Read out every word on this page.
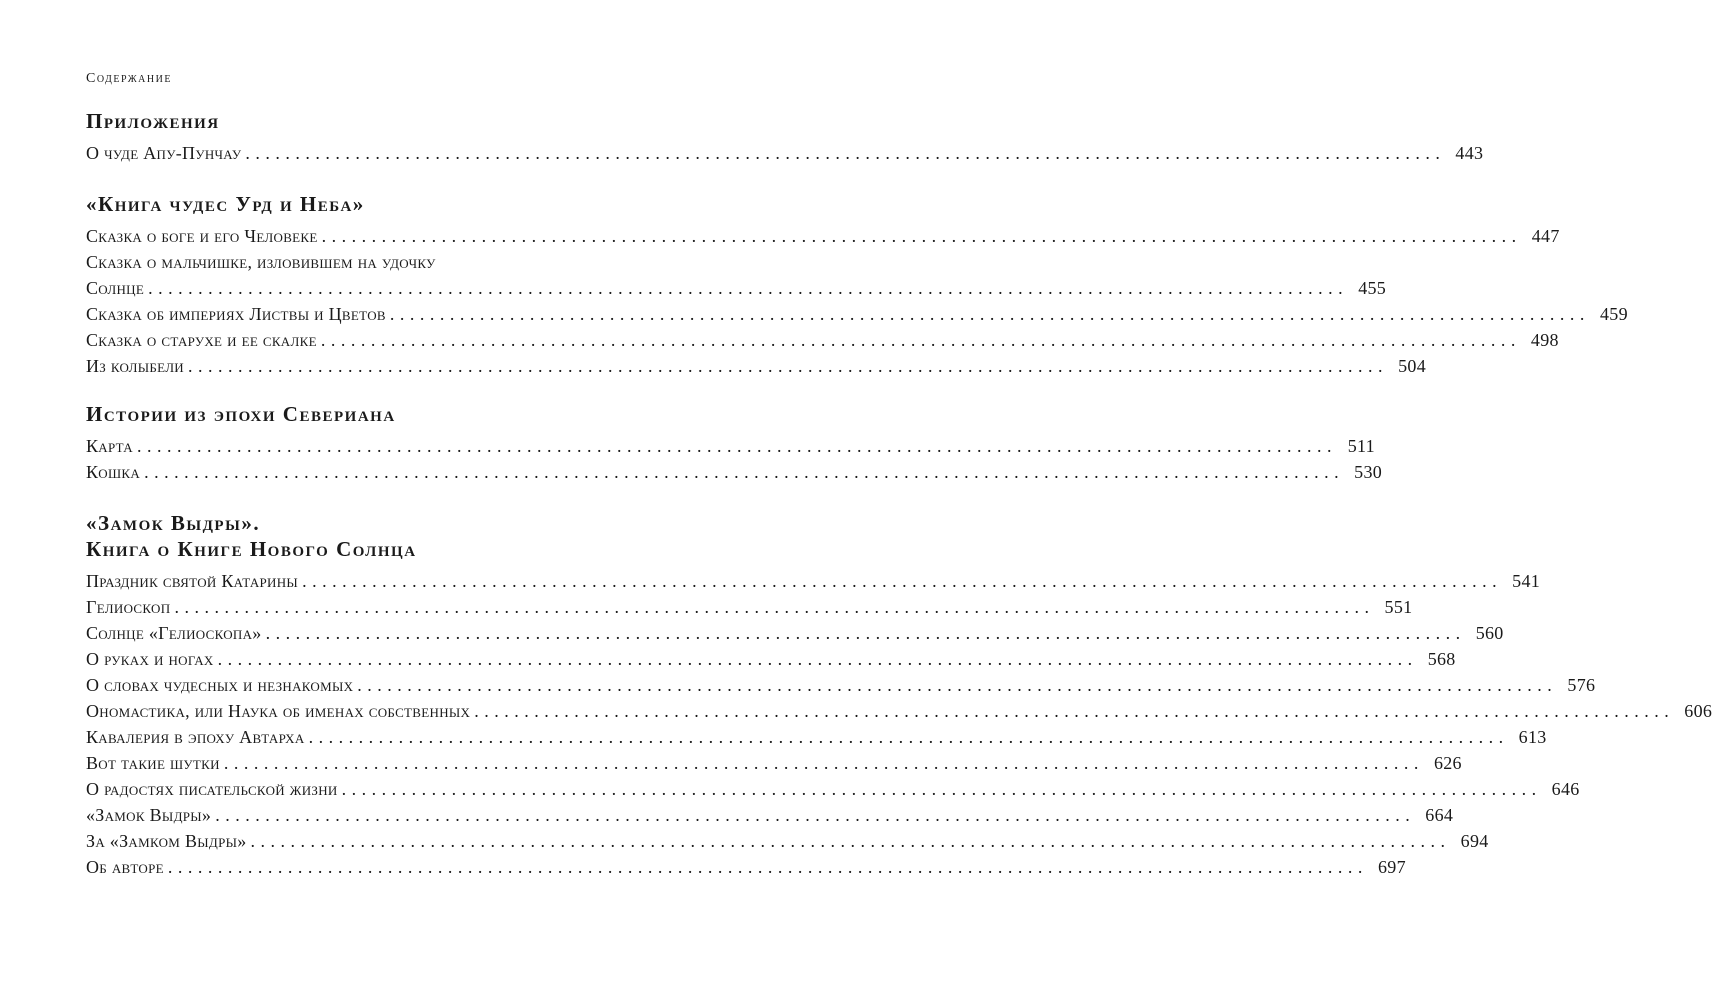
Содержание
Приложения
О чуде Апу-Пунчау ........................................................................................................................ 443
«Книга чудес Урд и Неба»
Сказка о боге и его Человеке ........................................................................................................................ 447
Сказка о мальчишке, изловившем на удочку
Солнце ........................................................................................................................ 455
Сказка об империях Листвы и Цветов ........................................................................................................................ 459
Сказка о старухе и ее скалке ........................................................................................................................ 498
Из колыбели ........................................................................................................................ 504
Истории из эпохи Севериана
Карта ........................................................................................................................ 511
Кошка ........................................................................................................................ 530
«Замок Выдры».
Книга о Книге Нового Солнца
Праздник святой Катарины ........................................................................................................................ 541
Гелиоскоп ........................................................................................................................ 551
Солнце «Гелиоскопа» ........................................................................................................................ 560
О руках и ногах ........................................................................................................................ 568
О словах чудесных и незнакомых ........................................................................................................................ 576
Ономастика, или Наука об именах собственных ........................................................................................................................ 606
Кавалерия в эпоху Автарха ........................................................................................................................ 613
Вот такие шутки ........................................................................................................................ 626
О радостях писательской жизни ........................................................................................................................ 646
«Замок Выдры» ........................................................................................................................ 664
За «Замком Выдры» ........................................................................................................................ 694
Об авторе ........................................................................................................................ 697
